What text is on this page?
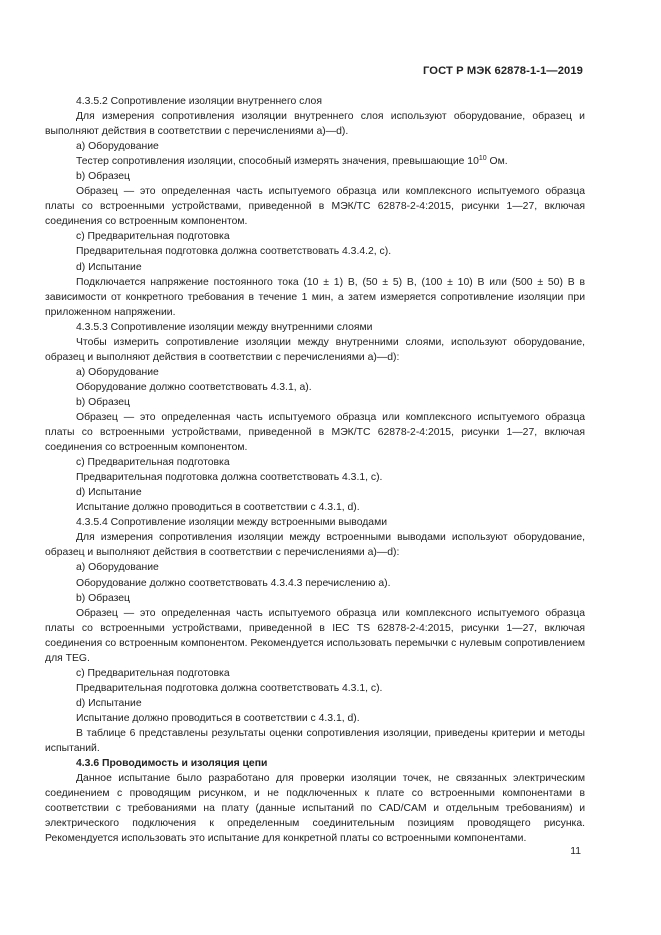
ГОСТ Р МЭК 62878-1-1—2019

4.3.5.2 Сопротивление изоляции внутреннего слоя

Для измерения сопротивления изоляции внутреннего слоя используют оборудование, образец и выполняют действия в соответствии с перечислениями а)—d).

а) Оборудование

Тестер сопротивления изоляции, способный измерять значения, превышающие $10^{10}$ Ом.

b) Образец

Образец — это определенная часть испытуемого образца или комплексного испытуемого образца платы со встроенными устройствами, приведенной в МЭК/ТС 62878-2-4:2015, рисунки 1—27, включая соединения со встроенным компонентом.

с) Предварительная подготовка

Предварительная подготовка должна соответствовать 4.3.4.2, с).

d) Испытание

Подключается напряжение постоянного тока (10 ± 1) В, (50 ± 5) В, (100 ± 10) В или (500 ± 50) В в зависимости от конкретного требования в течение 1 мин, а затем измеряется сопротивление изоляции при приложенном напряжении.

4.3.5.3 Сопротивление изоляции между внутренними слоями

Чтобы измерить сопротивление изоляции между внутренними слоями, используют оборудование, образец и выполняют действия в соответствии с перечислениями а)—d):

а) Оборудование

Оборудование должно соответствовать 4.3.1, а).

b) Образец

Образец — это определенная часть испытуемого образца или комплексного испытуемого образца платы со встроенными устройствами, приведенной в МЭК/ТС 62878-2-4:2015, рисунки 1—27, включая соединения со встроенным компонентом.

с) Предварительная подготовка

Предварительная подготовка должна соответствовать 4.3.1, с).

d) Испытание

Испытание должно проводиться в соответствии с 4.3.1, d).

4.3.5.4 Сопротивление изоляции между встроенными выводами

Для измерения сопротивления изоляции между встроенными выводами используют оборудование, образец и выполняют действия в соответствии с перечислениями а)—d):

а) Оборудование

Оборудование должно соответствовать 4.3.4.3 перечислению а).

b) Образец

Образец — это определенная часть испытуемого образца или комплексного испытуемого образца платы со встроенными устройствами, приведенной в IEC TS 62878-2-4:2015, рисунки 1—27, включая соединения со встроенным компонентом. Рекомендуется использовать перемычки с нулевым сопротивлением для TEG.

с) Предварительная подготовка

Предварительная подготовка должна соответствовать 4.3.1, с).

d) Испытание

Испытание должно проводиться в соответствии с 4.3.1, d).

В таблице 6 представлены результаты оценки сопротивления изоляции, приведены критерии и методы испытаний.

4.3.6 Проводимость и изоляция цепи

Данное испытание было разработано для проверки изоляции точек, не связанных электрическим соединением с проводящим рисунком, и не подключенных к плате со встроенными компонентами в соответствии с требованиями на плату (данные испытаний по CAD/CAM и отдельным требованиям) и электрического подключения к определенным соединительным позициям проводящего рисунка. Рекомендуется использовать это испытание для конкретной платы со встроенными компонентами.

11
